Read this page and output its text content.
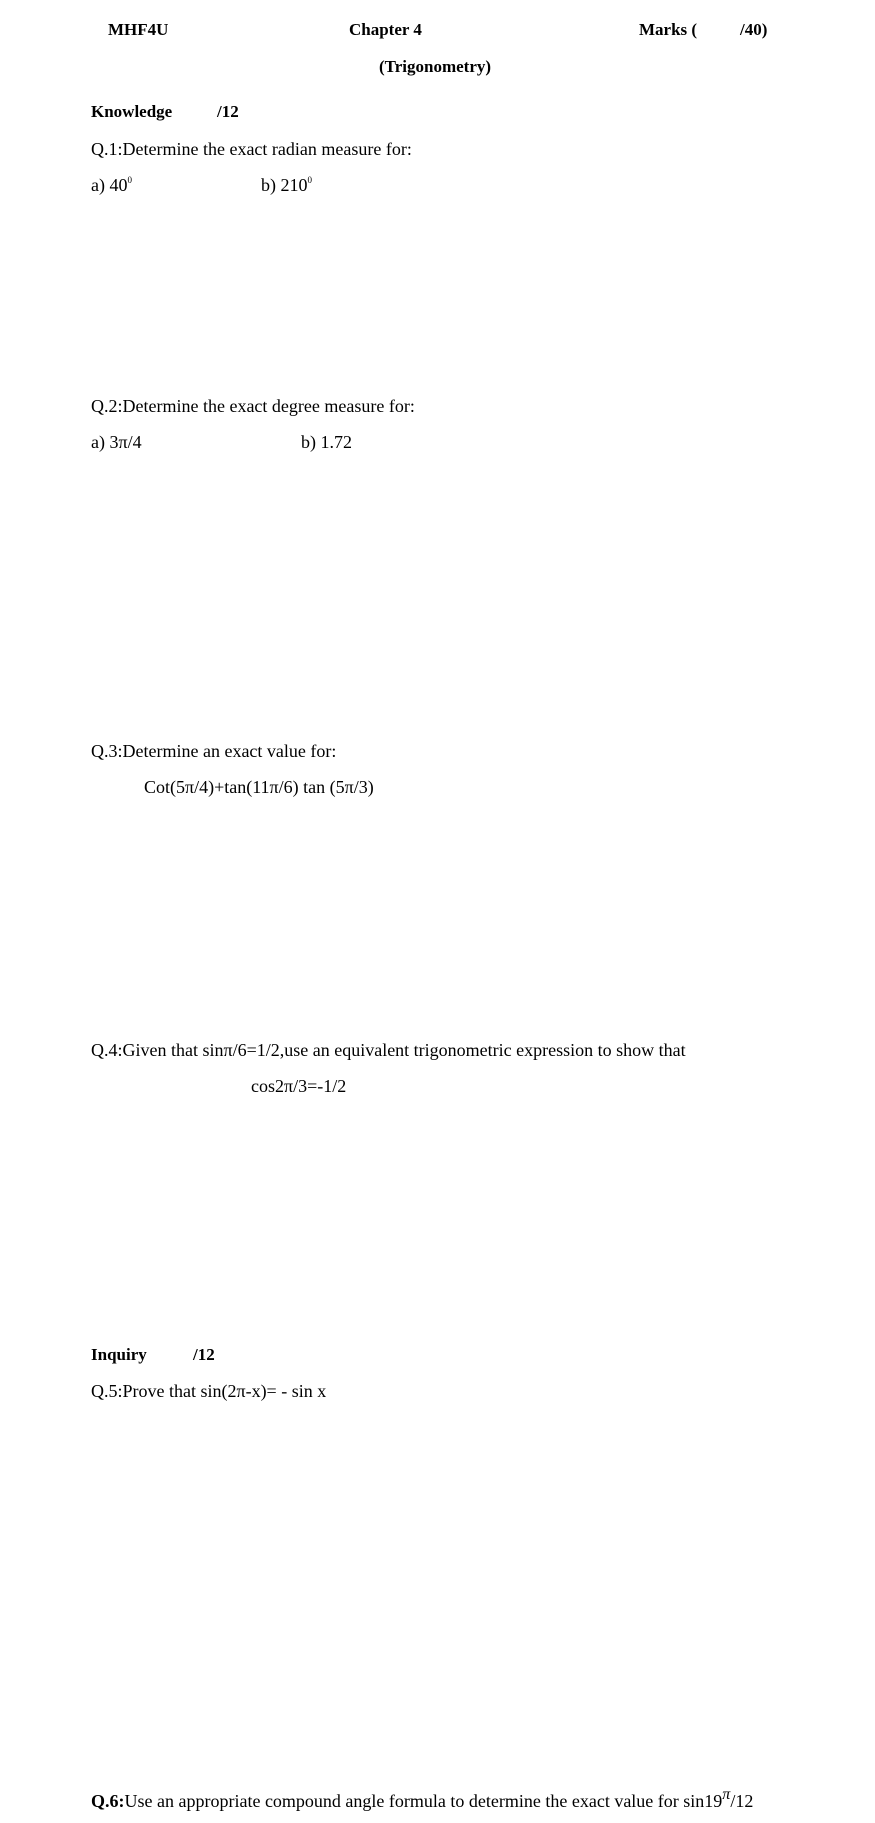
MHF4U	Chapter 4	Marks (	/40)
(Trigonometry)
Knowledge	/12
Q.1:Determine the exact radian measure for:
a) $40^0$	b) $210^0$
Q.2:Determine the exact degree measure for:
a) 3π/4	b) 1.72
Q.3:Determine an exact value for:
Cot(5π/4)+tan(11π/6) tan (5π/3)
Q.4:Given that sinπ/6=1/2,use an equivalent trigonometric expression to show that
cos2π/3=-1/2
Inquiry	/12
Q.5:Prove that sin(2π-x)= - sin x
Q.6:Use an appropriate compound angle formula to determine the exact value for sin19π/12
